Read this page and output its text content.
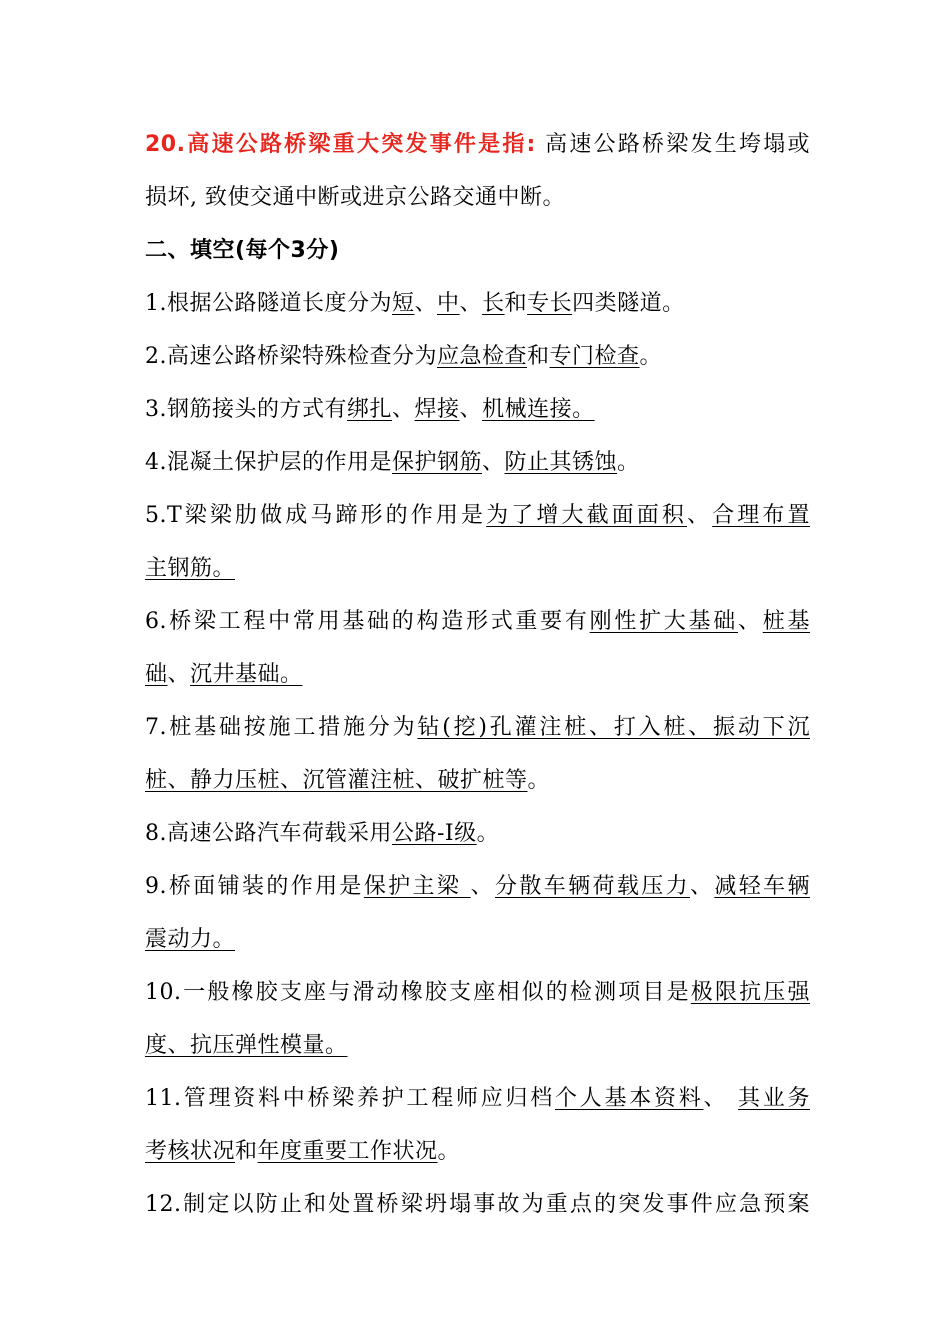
20.高速公路桥梁重大突发事件是指: 高速公路桥梁发生垮塌或
损坏, 致使交通中断或进京公路交通中断。
二、填空(每个3分)
1.根据公路隧道长度分为短、中、长和专长四类隧道。
2.高速公路桥梁特殊检查分为应急检查和专门检查。
3.钢筋接头的方式有绑扎、焊接、机械连接。
4.混凝土保护层的作用是保护钢筋、防止其锈蚀。
5.T梁梁肋做成马蹄形的作用是为了增大截面面积、合理布置
主钢筋。
6.桥梁工程中常用基础的构造形式重要有刚性扩大基础、桩基
础、沉井基础。
7.桩基础按施工措施分为钻(挖)孔灌注桩、打入桩、振动下沉
桩、静力压桩、沉管灌注桩、破扩桩等。
8.高速公路汽车荷载采用公路-I级。
9.桥面铺装的作用是保护主梁 、分散车辆荷载压力、减轻车辆
震动力。
10.一般橡胶支座与滑动橡胶支座相似的检测项目是极限抗压强
度、抗压弹性模量。
11.管理资料中桥梁养护工程师应归档个人基本资料、 其业务
考核状况和年度重要工作状况。
12.制定以防止和处置桥梁坍塌事故为重点的突发事件应急预案
